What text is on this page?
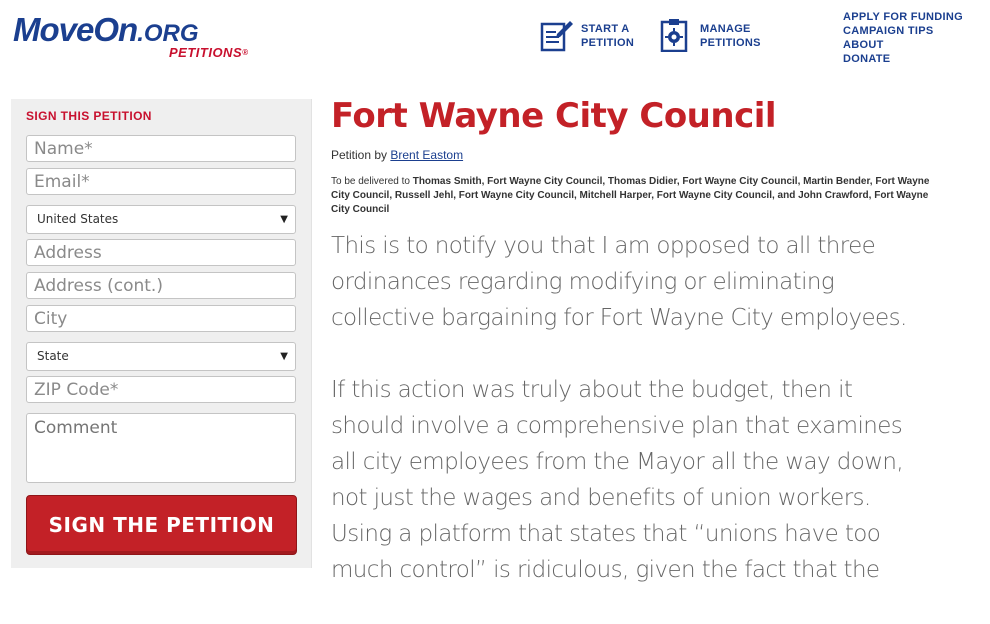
MoveOn.ORG
PETITIONS®
START A
PETITION
MANAGE
PETITIONS
APPLY FOR FUNDING
CAMPAIGN TIPS
ABOUT
DONATE
SIGN THIS PETITION
Name*
Email*
United States	▼
Address
Address (cont.)
City
State	▼
ZIP Code*
Comment
SIGN THE PETITION
Fort Wayne City Council
Petition by Brent Eastom
To be delivered to Thomas Smith, Fort Wayne City Council, Thomas Didier, Fort Wayne City Council, Martin Bender, Fort Wayne City Council, Russell Jehl, Fort Wayne City Council, Mitchell Harper, Fort Wayne City Council, and John Crawford, Fort Wayne City Council

This is to notify you that I am opposed to all three ordinances regarding modifying or eliminating collective bargaining for Fort Wayne City employees.

If this action was truly about the budget, then it should involve a comprehensive plan that examines all city employees from the Mayor all the way down, not just the wages and benefits of union workers. Using a platform that states that “unions have too much control” is ridiculous, given the fact that the
